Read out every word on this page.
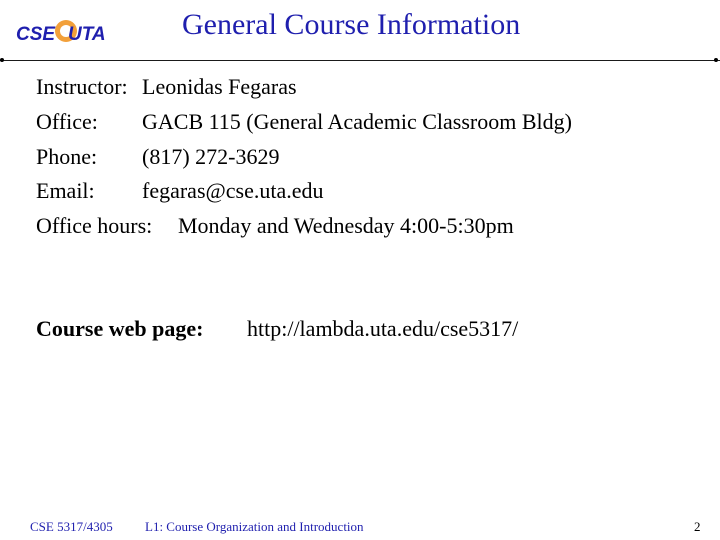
CSE UTA	General Course Information
Instructor: Leonidas Fegaras
Office: GACB 115 (General Academic Classroom Bldg)
Phone: (817) 272-3629
Email: fegaras@cse.uta.edu
Office hours: Monday and Wednesday 4:00-5:30pm
Course web page: http://lambda.uta.edu/cse5317/
CSE 5317/4305 L1: Course Organization and Introduction	2
